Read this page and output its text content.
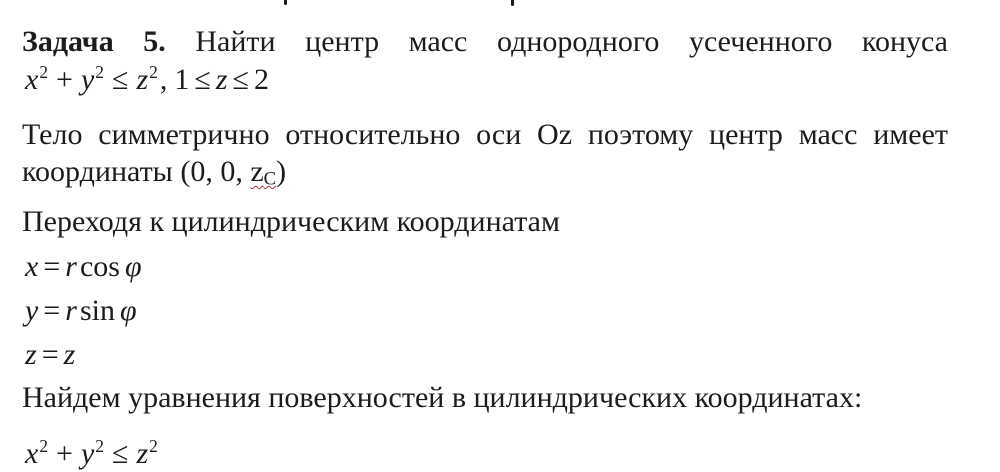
Задача 5. Найти центр масс однородного усеченного конуса
$x^2 + y^2 \le z^2$, 1 ≤ z ≤ 2
Тело симметрично относительно оси Oz поэтому центр масс имеет
координаты (0, 0, $z_C$)
Переходя к цилиндрическим координатам
x = r cos φ
y = r sin φ
z = z
Найдем уравнения поверхностей в цилиндрических координатах:
$x^2 + y^2 \le z^2$
